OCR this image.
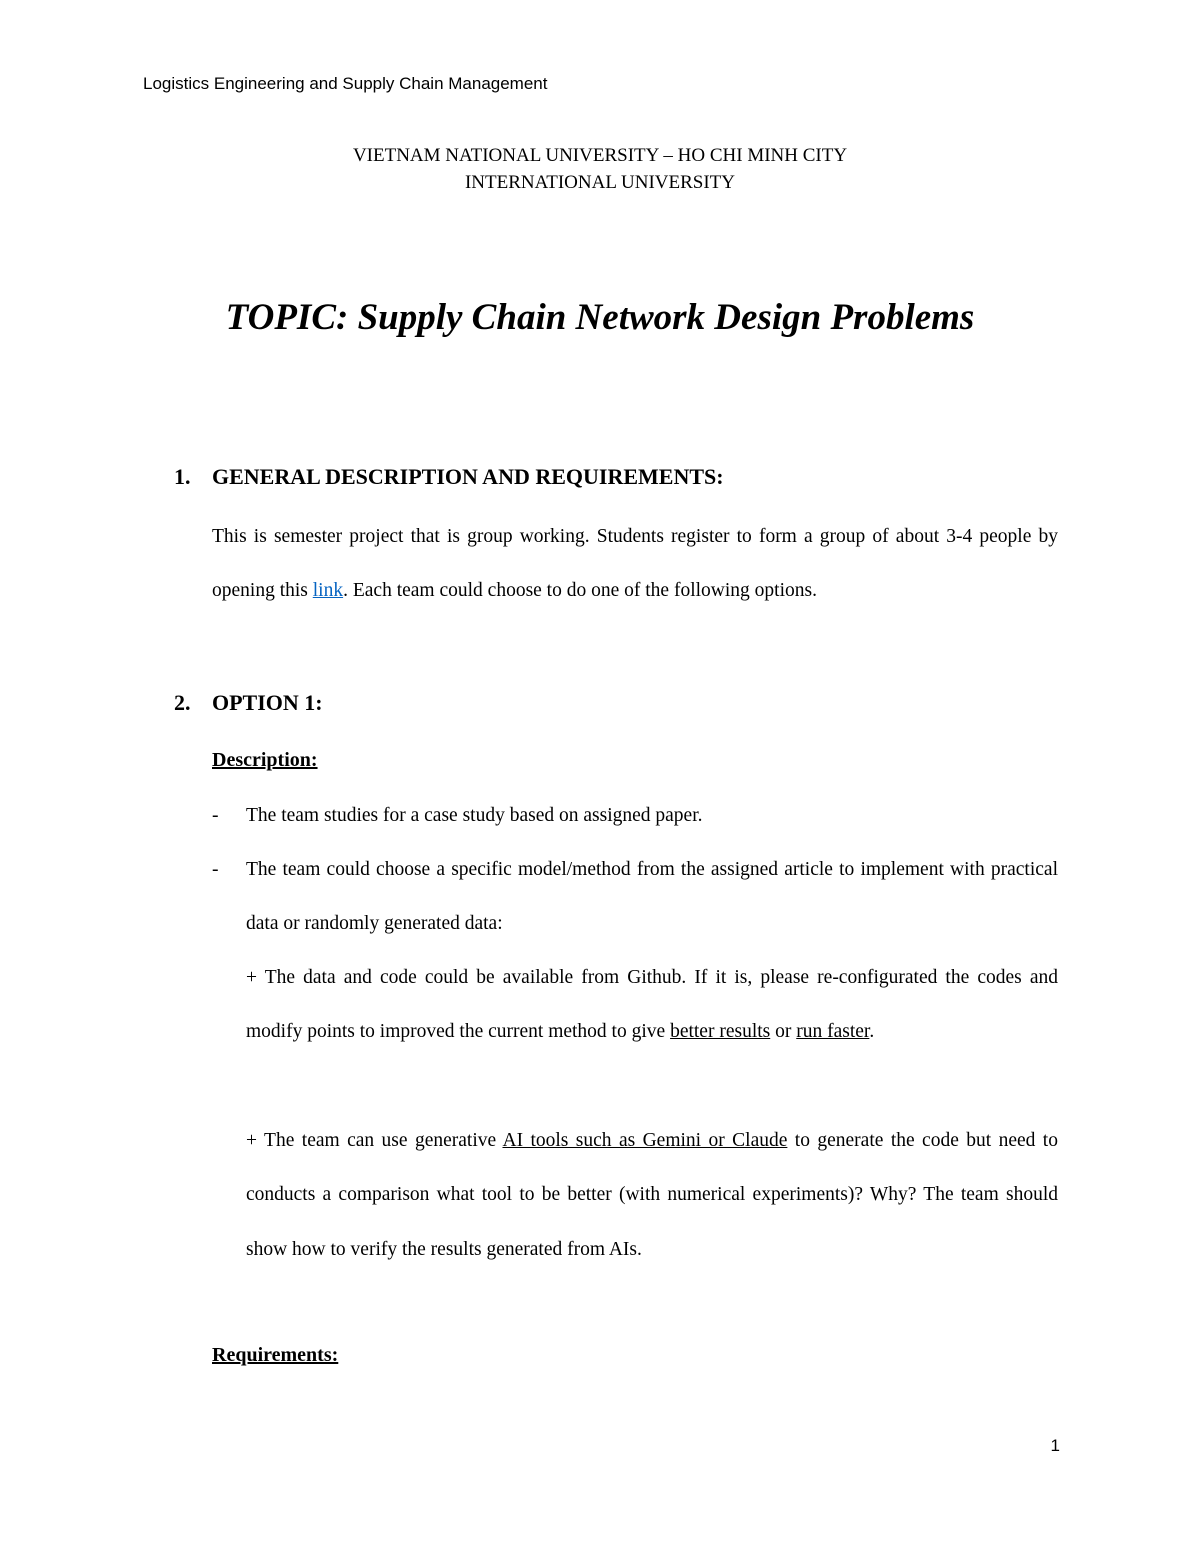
Logistics Engineering and Supply Chain Management
VIETNAM NATIONAL UNIVERSITY – HO CHI MINH CITY
INTERNATIONAL UNIVERSITY
TOPIC: Supply Chain Network Design Problems
1. GENERAL DESCRIPTION AND REQUIREMENTS:
This is semester project that is group working. Students register to form a group of about 3-4 people by opening this link. Each team could choose to do one of the following options.
2. OPTION 1:
Description:
- The team studies for a case study based on assigned paper.
- The team could choose a specific model/method from the assigned article to implement with practical data or randomly generated data:
+ The data and code could be available from Github. If it is, please re-configurated the codes and modify points to improved the current method to give better results or run faster.
+ The team can use generative AI tools such as Gemini or Claude to generate the code but need to conducts a comparison what tool to be better (with numerical experiments)? Why? The team should show how to verify the results generated from AIs.
Requirements:
1
